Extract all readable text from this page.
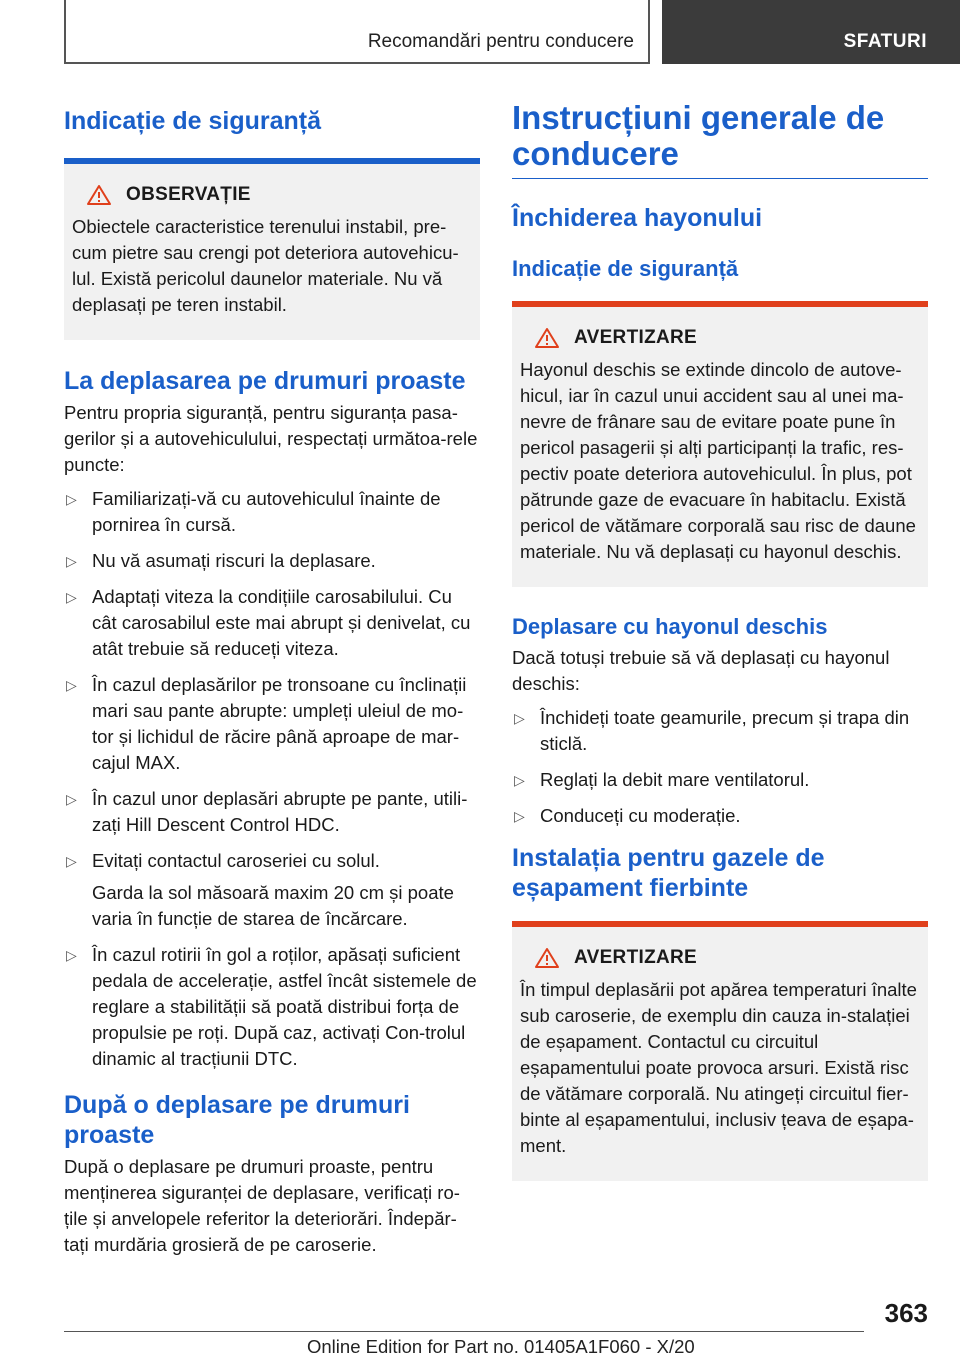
Recomandări pentru conducere	SFATURI
Indicație de siguranță
OBSERVAȚIE
Obiectele caracteristice terenului instabil, pre-cum pietre sau crengi pot deteriora autovehicu-lul. Există pericolul daunelor materiale. Nu vă deplasați pe teren instabil.
La deplasarea pe drumuri proaste
Pentru propria siguranță, pentru siguranța pasa-gerilor și a autovehiculului, respectați următoa-rele puncte:
▷ Familiarizați-vă cu autovehiculul înainte de pornirea în cursă.
▷ Nu vă asumați riscuri la deplasare.
▷ Adaptați viteza la condițiile carosabilului. Cu cât carosabilul este mai abrupt și denivelat, cu atât trebuie să reduceți viteza.
▷ În cazul deplasărilor pe tronsoane cu înclinații mari sau pante abrupte: umpleți uleiul de mo-tor și lichidul de răcire până aproape de mar-cajul MAX.
▷ În cazul unor deplasări abrupte pe pante, utili-zați Hill Descent Control HDC.
▷ Evitați contactul caroseriei cu solul.
Garda la sol măsoară maxim 20 cm și poate varia în funcție de starea de încărcare.
▷ În cazul rotirii în gol a roților, apăsați suficient pedala de accelerație, astfel încât sistemele de reglare a stabilității să poată distribui forța de propulsie pe roți. După caz, activați Con-trolul dinamic al tracțiunii DTC.
După o deplasare pe drumuri proaste
După o deplasare pe drumuri proaste, pentru menținerea siguranței de deplasare, verificați ro-țile și anvelopele referitor la deteriorări. Îndepăr-tați murdăria grosieră de pe caroserie.
Instrucțiuni generale de conducere
Închiderea hayonului
Indicație de siguranță
AVERTIZARE
Hayonul deschis se extinde dincolo de autove-hicul, iar în cazul unui accident sau al unei ma-nevre de frânare sau de evitare poate pune în pericol pasagerii și alți participanți la trafic, res-pectiv poate deteriora autovehiculul. În plus, pot pătrunde gaze de evacuare în habitaclu. Există pericol de vătămare corporală sau risc de daune materiale. Nu vă deplasați cu hayonul deschis.
Deplasare cu hayonul deschis
Dacă totuși trebuie să vă deplasați cu hayonul deschis:
▷ Închideți toate geamurile, precum și trapa din sticlă.
▷ Reglați la debit mare ventilatorul.
▷ Conduceți cu moderație.
Instalația pentru gazele de eșapament fierbinte
AVERTIZARE
În timpul deplasării pot apărea temperaturi înalte sub caroserie, de exemplu din cauza in-stalației de eșapament. Contactul cu circuitul eșapamentului poate provoca arsuri. Există risc de vătămare corporală. Nu atingeți circuitul fier-binte al eșapamentului, inclusiv țeava de eșapa-ment.
363
Online Edition for Part no. 01405A1F060 - X/20
